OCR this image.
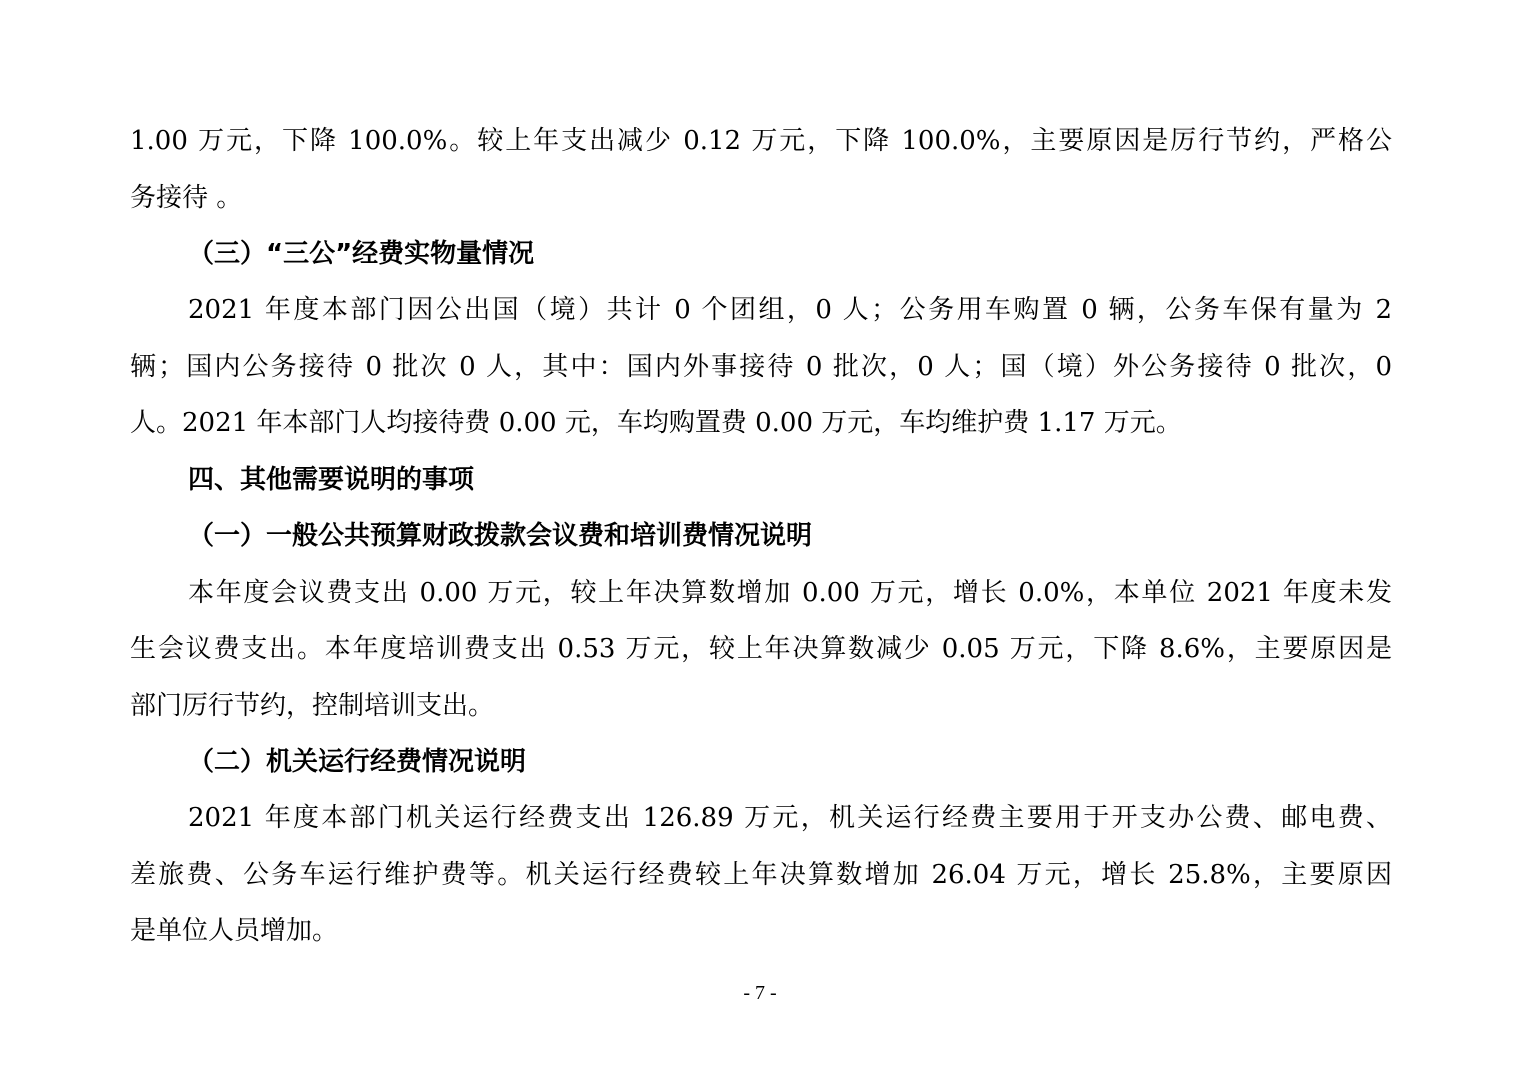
1.00 万元，下降 100.0%。较上年支出减少 0.12 万元，下降 100.0%，主要原因是厉行节约，严格公
务接待 。
（三）“三公”经费实物量情况
2021 年度本部门因公出国（境）共计 0 个团组，0 人；公务用车购置 0 辆，公务车保有量为 2
辆；国内公务接待 0 批次 0 人，其中：国内外事接待 0 批次，0 人；国（境）外公务接待 0 批次，0
人。2021 年本部门人均接待费 0.00 元，车均购置费 0.00 万元，车均维护费 1.17 万元。
四、其他需要说明的事项
（一）一般公共预算财政拨款会议费和培训费情况说明
本年度会议费支出 0.00 万元，较上年决算数增加 0.00 万元，增长 0.0%，本单位 2021 年度未发
生会议费支出。本年度培训费支出 0.53 万元，较上年决算数减少 0.05 万元，下降 8.6%，主要原因是
部门厉行节约，控制培训支出。
（二）机关运行经费情况说明
2021 年度本部门机关运行经费支出 126.89 万元，机关运行经费主要用于开支办公费、邮电费、
差旅费、公务车运行维护费等。机关运行经费较上年决算数增加 26.04 万元，增长 25.8%，主要原因
是单位人员增加。
- 7 -
